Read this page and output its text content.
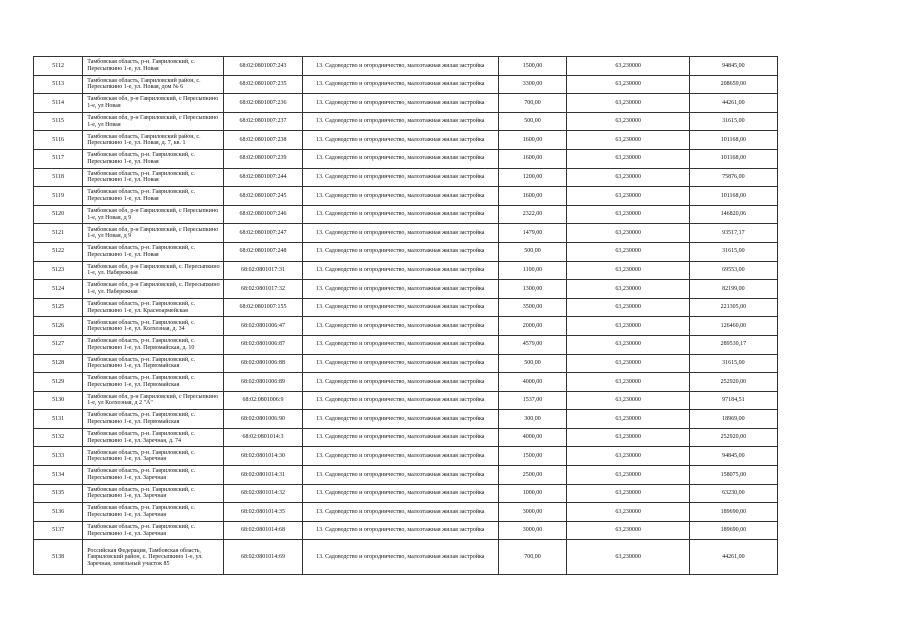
5112	Тамбовская область, р-н. Гавриловский, с. Пересыпкино 1-е, ул. Новая	68:02:0801007:243	13. Садоводство и огородничество, малоэтажная жилая застройка	1500,00	63,230000	94845,00
5113	Тамбовская область, Гавриловский район, с. Пересыпкино 1-е, ул. Новая, дом № 6	68:02:0801007:235	13. Садоводство и огородничество, малоэтажная жилая застройка	3300,00	63,230000	208659,00
5114	Тамбовская обл, р-н Гавриловский, с Пересыпкино 1-е, ул Новая	68:02:0801007:236	13. Садоводство и огородничество, малоэтажная жилая застройка	700,00	63,230000	44261,00
5115	Тамбовская обл, р-н Гавриловский, с Пересыпкино 1-е, ул Новая	68:02:0801007:237	13. Садоводство и огородничество, малоэтажная жилая застройка	500,00	63,230000	31615,00
5116	Тамбовская область, Гавриловский район, с. Пересыпкино 1-е, ул. Новая, д. 7, кв. 1	68:02:0801007:238	13. Садоводство и огородничество, малоэтажная жилая застройка	1600,00	63,230000	101168,00
5117	Тамбовская область, р-н. Гавриловский, с. Пересыпкино 1-е, ул. Новая	68:02:0801007:239	13. Садоводство и огородничество, малоэтажная жилая застройка	1600,00	63,230000	101168,00
5118	Тамбовская область, р-н. Гавриловский, с. Пересыпкино 1-е, ул. Новая	68:02:0801007:244	13. Садоводство и огородничество, малоэтажная жилая застройка	1200,00	63,230000	75876,00
5119	Тамбовская область, р-н. Гавриловский, с. Пересыпкино 1-е, ул. Новая	68:02:0801007:245	13. Садоводство и огородничество, малоэтажная жилая застройка	1600,00	63,230000	101168,00
5120	Тамбовская обл, р-н Гавриловский, с Пересыпкино 1-е, ул Новая, д 9	68:02:0801007:246	13. Садоводство и огородничество, малоэтажная жилая застройка	2322,00	63,230000	146820,06
5121	Тамбовская обл, р-н Гавриловский, с Пересыпкино 1-е, ул Новая, д 9	68:02:0801007:247	13. Садоводство и огородничество, малоэтажная жилая застройка	1479,00	63,230000	93517,17
5122	Тамбовская область, р-н. Гавриловский, с. Пересыпкино 1-е, ул. Новая	68:02:0801007:248	13. Садоводство и огородничество, малоэтажная жилая застройка	500,00	63,230000	31615,00
5123	Тамбовская обл, р-н Гавриловский, с. Пересыпкино 1-е, ул. Набережная	68:02:0801017:31	13. Садоводство и огородничество, малоэтажная жилая застройка	1100,00	63,230000	69553,00
5124	Тамбовская обл, р-н Гавриловский, с. Пересыпкино 1-е, ул. Набережная	68:02:0801017:32	13. Садоводство и огородничество, малоэтажная жилая застройка	1300,00	63,230000	82199,00
5125	Тамбовская область, р-н. Гавриловский, с. Пересыпкино 1-е, ул. Красноармейская	68:02:0801007:155	13. Садоводство и огородничество, малоэтажная жилая застройка	3500,00	63,230000	221305,00
5126	Тамбовская область, р-н. Гавриловский, с. Пересыпкино 1-е, ул. Колхозная, д. 34	68:02:0801006:47	13. Садоводство и огородничество, малоэтажная жилая застройка	2000,00	63,230000	126460,00
5127	Тамбовская область, р-н. Гавриловский, с. Пересыпкино 1-е, ул. Первомайская, д. 10	68:02:0801006:87	13. Садоводство и огородничество, малоэтажная жилая застройка	4579,00	63,230000	289530,17
5128	Тамбовская область, р-н. Гавриловский, с. Пересыпкино 1-е, ул. Первомайская	68:02:0801006:88	13. Садоводство и огородничество, малоэтажная жилая застройка	500,00	63,230000	31615,00
5129	Тамбовская область, р-н. Гавриловский, с. Пересыпкино 1-е, ул. Первомайская	68:02:0801006:89	13. Садоводство и огородничество, малоэтажная жилая застройка	4000,00	63,230000	252920,00
5130	Тамбовская обл, р-н Гавриловский, с Пересыпкино 1-е, ул Колхозная, д 2 "А"	68:02:0801006:9	13. Садоводство и огородничество, малоэтажная жилая застройка	1537,00	63,230000	97184,51
5131	Тамбовская область, р-н. Гавриловский, с. Пересыпкино 1-е, ул. Первомайская	68:02:0801006:90	13. Садоводство и огородничество, малоэтажная жилая застройка	300,00	63,230000	18969,00
5132	Тамбовская область, р-н. Гавриловский, с. Пересыпкино 1-е, ул. Заречная, д. 74	68:02:0801014:3	13. Садоводство и огородничество, малоэтажная жилая застройка	4000,00	63,230000	252920,00
5133	Тамбовская область, р-н. Гавриловский, с. Пересыпкино 1-е, ул. Заречная	68:02:0801014:30	13. Садоводство и огородничество, малоэтажная жилая застройка	1500,00	63,230000	94845,00
5134	Тамбовская область, р-н. Гавриловский, с. Пересыпкино 1-е, ул. Заречная	68:02:0801014:31	13. Садоводство и огородничество, малоэтажная жилая застройка	2500,00	63,230000	158075,00
5135	Тамбовская область, р-н. Гавриловский, с. Пересыпкино 1-е, ул. Заречная	68:02:0801014:32	13. Садоводство и огородничество, малоэтажная жилая застройка	1000,00	63,230000	63230,00
5136	Тамбовская область, р-н. Гавриловский, с. Пересыпкино 1-е, ул. Заречная	68:02:0801014:35	13. Садоводство и огородничество, малоэтажная жилая застройка	3000,00	63,230000	189690,00
5137	Тамбовская область, р-н. Гавриловский, с. Пересыпкино 1-е, ул. Заречная	68:02:0801014:68	13. Садоводство и огородничество, малоэтажная жилая застройка	3000,00	63,230000	189690,00
5138	Российская Федерация, Тамбовская область, Гавриловский район, с. Пересыпкино 1-е, ул. Заречная, земельный участок 85	68:02:0801014:69	13. Садоводство и огородничество, малоэтажная жилая застройка	700,00	63,230000	44261,00
